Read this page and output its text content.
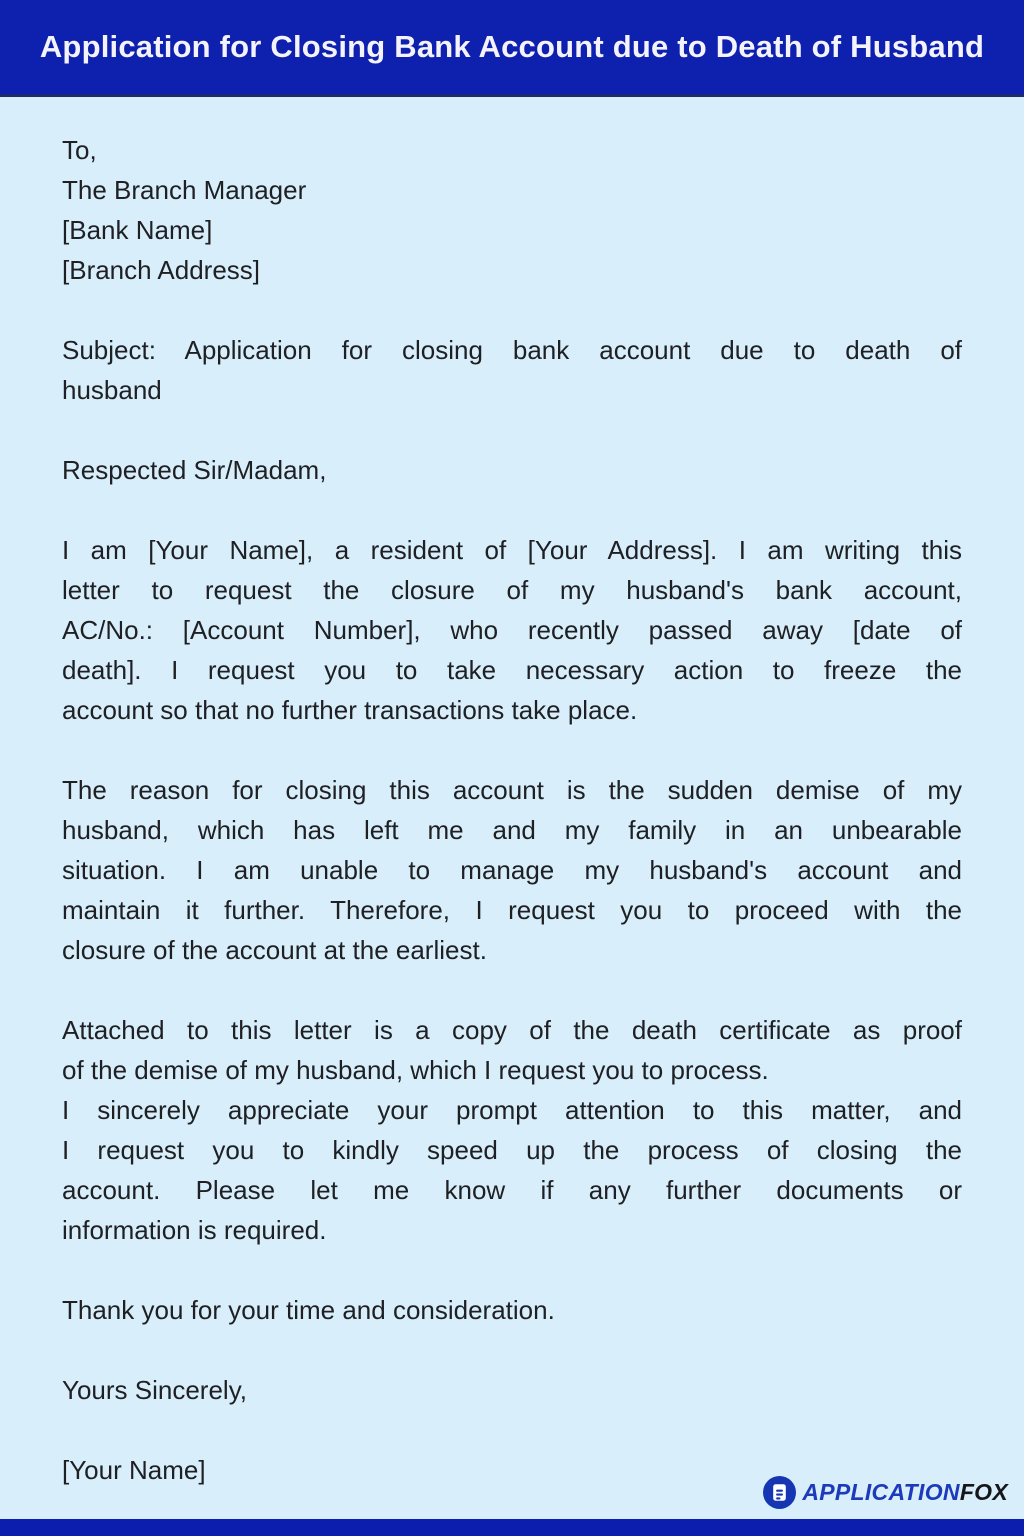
Application for Closing Bank Account due to Death of Husband
To,
The Branch Manager
[Bank Name]
[Branch Address]
Subject: Application for closing bank account due to death of
husband
Respected Sir/Madam,
I am [Your Name], a resident of [Your Address]. I am writing this
letter to request the closure of my husband's bank account,
AC/No.: [Account Number], who recently passed away [date of
death]. I request you to take necessary action to freeze the
account so that no further transactions take place.
The reason for closing this account is the sudden demise of my
husband, which has left me and my family in an unbearable
situation. I am unable to manage my husband's account and
maintain it further. Therefore, I request you to proceed with the
closure of the account at the earliest.
Attached to this letter is a copy of the death certificate as proof
of the demise of my husband, which I request you to process.
I sincerely appreciate your prompt attention to this matter, and
I request you to kindly speed up the process of closing the
account. Please let me know if any further documents or
information is required.
Thank you for your time and consideration.
Yours Sincerely,
[Your Name]
APPLICATIONFOX
